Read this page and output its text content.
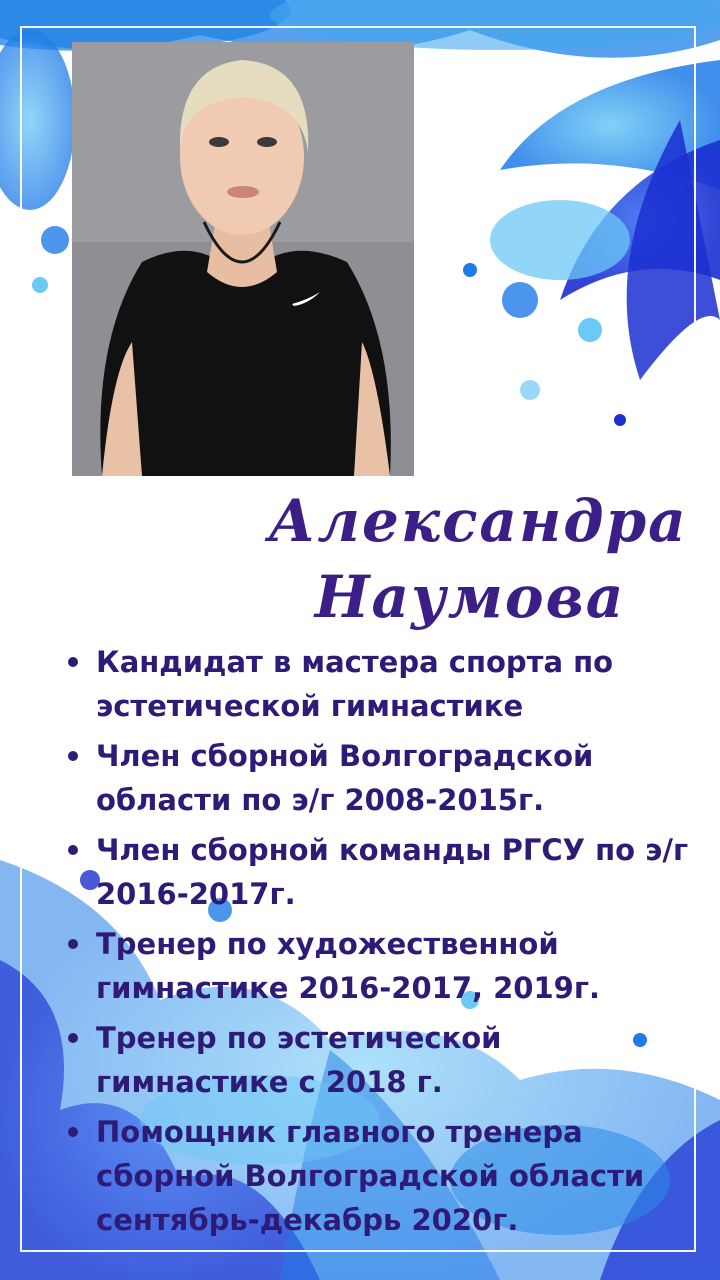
Александра
Наумова
Кандидат в мастера спорта по эстетической гимнастике
Член сборной Волгоградской области по э/г 2008-2015г.
Член сборной команды РГСУ по э/г 2016-2017г.
Тренер по художественной гимнастике 2016-2017, 2019г.
Тренер по эстетической гимнастике с 2018 г.
Помощник главного тренера сборной Волгоградской области сентябрь-декабрь 2020г.
